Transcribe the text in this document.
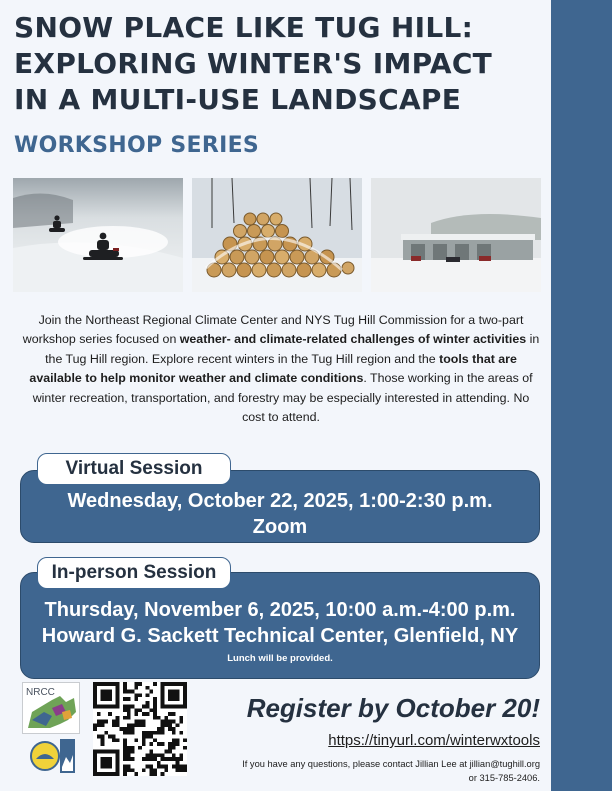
SNOW PLACE LIKE TUG HILL:
EXPLORING WINTER'S IMPACT
IN A MULTI-USE LANDSCAPE
WORKSHOP SERIES

Join the Northeast Regional Climate Center and NYS Tug Hill Commission for a two-part workshop series focused on weather- and climate-related challenges of winter activities in the Tug Hill region. Explore recent winters in the Tug Hill region and the tools that are available to help monitor weather and climate conditions. Those working in the areas of winter recreation, transportation, and forestry may be especially interested in attending. No cost to attend.

Wednesday, October 22, 2025, 1:00-2:30 p.m.
Zoom
Virtual Session
Thursday, November 6, 2025, 10:00 a.m.-4:00 p.m.
Howard G. Sackett Technical Center, Glenfield, NY
Lunch will be provided.
In-person Session
NRCC
Register by October 20!
https://tinyurl.com/winterwxtools
If you have any questions, please contact Jillian Lee at jillian@tughill.org
or 315-785-2406.
